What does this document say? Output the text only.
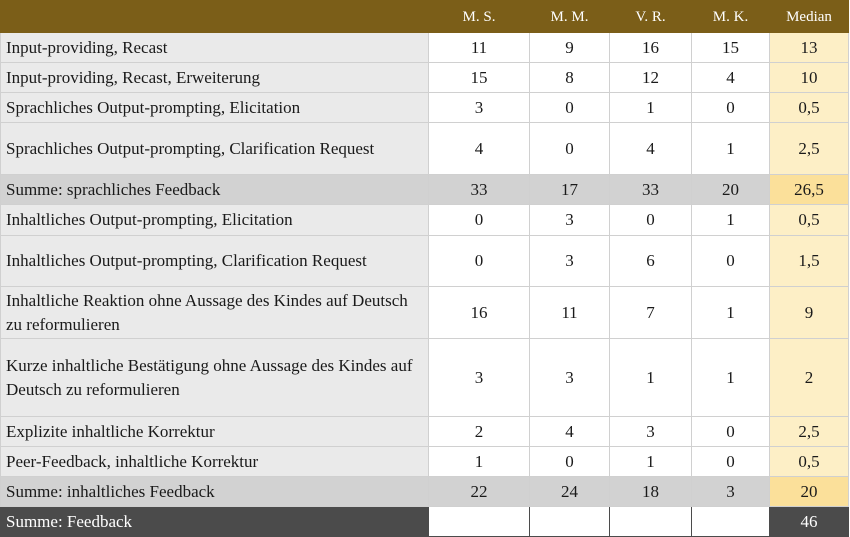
	M. S.	M. M.	V. R.	M. K.	Median
Input-providing, Recast	11	9	16	15	13
Input-providing, Recast, Erweiterung	15	8	12	4	10
Sprachliches Output-prompting, Elicitation	3	0	1	0	0,5
Sprachliches Output-prompting, Clarification Request	4	0	4	1	2,5
Summe: sprachliches Feedback	33	17	33	20	26,5
Inhaltliches Output-prompting, Elicitation	0	3	0	1	0,5
Inhaltliches Output-prompting, Clarification Request	0	3	6	0	1,5
Inhaltliche Reaktion ohne Aussage des Kindes auf Deutsch zu reformulieren	16	11	7	1	9
Kurze inhaltliche Bestätigung ohne Aussage des Kindes auf Deutsch zu reformulieren	3	3	1	1	2
Explizite inhaltliche Korrektur	2	4	3	0	2,5
Peer-Feedback, inhaltliche Korrektur	1	0	1	0	0,5
Summe: inhaltliches Feedback	22	24	18	3	20
Summe: Feedback	55	41	51	23	46
